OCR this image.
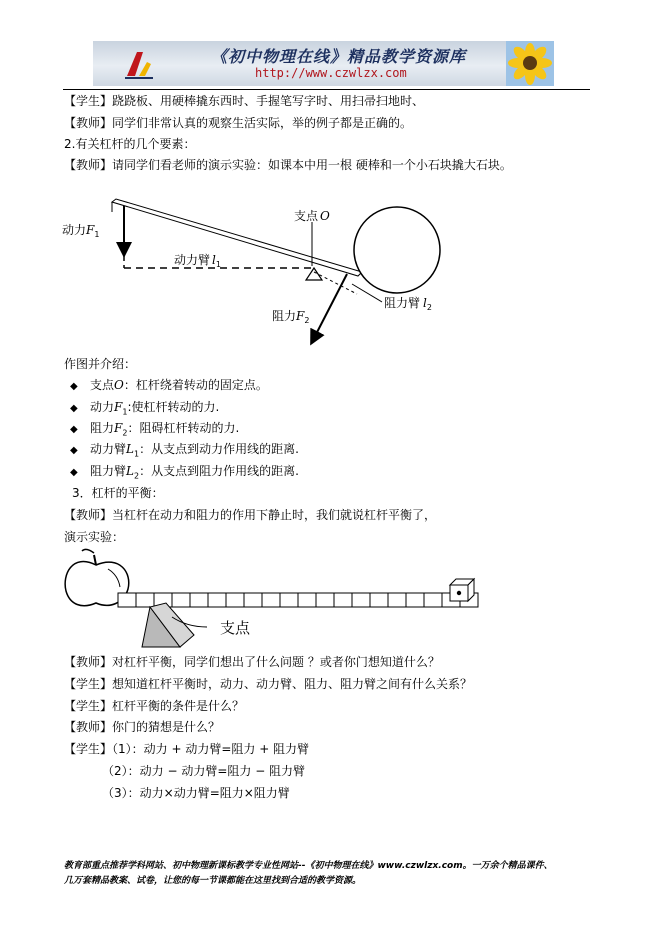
《初中物理在线》精品教学资源库
http://www.czwlzx.com
【学生】跷跷板、用硬棒撬东西时、手握笔写字时、用扫帚扫地时、
【教师】同学们非常认真的观察生活实际，举的例子都是正确的。
2.有关杠杆的几个要素：
【教师】请同学们看老师的演示实验：如课本中用一根 硬棒和一个小石块撬大石块。
动力$F_1$
动力臂 $l_1$
支点 O
阻力$F_2$
阻力臂 $l_2$
作图并介绍：
◆ 支点O：杠杆绕着转动的固定点。
◆ 动力$F_1$:使杠杆转动的力.
◆ 阻力$F_2$：阻碍杠杆转动的力.
◆ 动力臂$L_1$：从支点到动力作用线的距离.
◆ 阻力臂$L_2$：从支点到阻力作用线的距离.
3．杠杆的平衡：
【教师】当杠杆在动力和阻力的作用下静止时，我们就说杠杆平衡了，
演示实验：
支点
【教师】对杠杆平衡，同学们想出了什么问题 ？或者你门想知道什么？
【学生】想知道杠杆平衡时，动力、动力臂、阻力、阻力臂之间有什么关系？
【学生】杠杆平衡的条件是什么？
【教师】你门的猜想是什么？
【学生】（1）：动力 + 动力臂=阻力 + 阻力臂
（2）：动力 − 动力臂=阻力 − 阻力臂
（3）：动力×动力臂=阻力×阻力臂
教育部重点推荐学科网站、初中物理新课标教学专业性网站--《初中物理在线》www.czwlzx.com。一万余个精品课件、
几万套精品教案、试卷，让您的每一节课都能在这里找到合适的教学资源。
